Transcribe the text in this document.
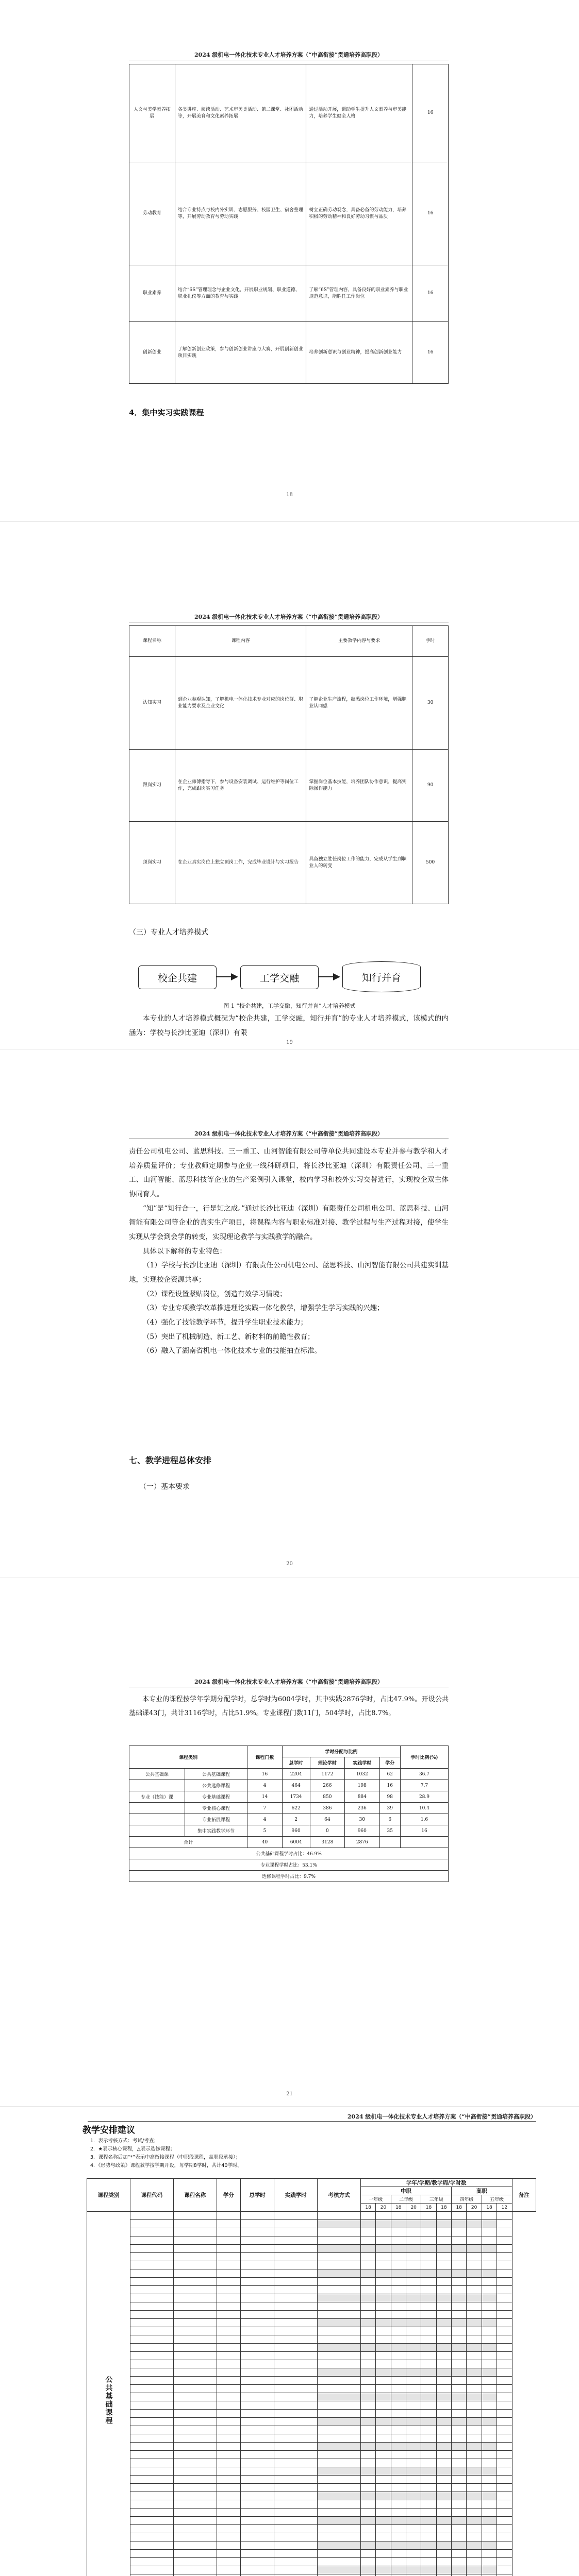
2024 级机电一体化技术专业人才培养方案（“中高衔接”贯通培养高职段）
人文与美学素养拓展	各类讲座、阅读活动、艺术审美类活动、第二课堂、社团活动等，开展美育和文化素养拓展	通过活动开展，帮助学生提升人文素养与审美能力，培养学生健全人格	16
劳动教育	结合专业特点与校内外实训、志愿服务、校园卫生、宿舍整理等，开展劳动教育与劳动实践	树立正确劳动观念，具备必备的劳动能力，培养积极的劳动精神和良好劳动习惯与品质	16
职业素养	结合“6S”管理理念与企业文化，开展职业规划、职业道德、职业礼仪等方面的教育与实践	了解“6S”管理内容，具备良好的职业素养与职业规范意识，能胜任工作岗位	16
创新创业	了解创新创业政策，参与创新创业讲座与大赛，开展创新创业项目实践	培养创新意识与创业精神，提高创新创业能力	16
4．集中实习实践课程
18
2024 级机电一体化技术专业人才培养方案（“中高衔接”贯通培养高职段）
课程名称	课程内容	主要教学内容与要求	学时
认知实习	到企业参观认知，了解机电一体化技术专业对应的岗位群、职业能力要求及企业文化	了解企业生产流程，熟悉岗位工作环境，增强职业认同感	30
跟岗实习	在企业师傅指导下，参与设备安装调试、运行维护等岗位工作，完成跟岗实习任务	掌握岗位基本技能，培养团队协作意识，提高实际操作能力	90
顶岗实习	在企业真实岗位上独立顶岗工作，完成毕业设计与实习报告	具备独立胜任岗位工作的能力，完成从学生到职业人的转变	500
（三）专业人才培养模式
校企共建	工学交融	知行并育
图 1 “校企共建，工学交融，知行并育”人才培养模式

本专业的人才培养模式概况为“校企共建，工学交融，知行并育”的专业人才培养模式，该模式的内涵为：学校与长沙比亚迪（深圳）有限

19
2024 级机电一体化技术专业人才培养方案（“中高衔接”贯通培养高职段）

责任公司机电公司、蓝思科技、三一重工、山河智能有限公司等单位共同建设本专业并参与教学和人才培养质量评价；专业教师定期参与企业一线科研项目，将长沙比亚迪（深圳）有限责任公司、三一重工、山河智能、蓝思科技等企业的生产案例引入课堂，校内学习和校外实习交替进行，实现校企双主体协同育人。

“知”是“知行合一，行是知之成。”通过长沙比亚迪（深圳）有限责任公司机电公司、蓝思科技、山河智能有限公司等企业的真实生产项目，将课程内容与职业标准对接、教学过程与生产过程对接，使学生实现从学会到会学的转变，实现理论教学与实践教学的融合。

具体以下解释的专业特色：

（1）学校与长沙比亚迪（深圳）有限责任公司机电公司、蓝思科技、山河智能有限公司共建实训基地，实现校企资源共享；

（2）课程设置紧贴岗位，创造有效学习情境；

（3）专业专项教学改革推进理论实践一体化教学，增强学生学习实践的兴趣；

（4）强化了技能教学环节，提升学生职业技术能力；

（5）突出了机械制造、新工艺、新材料的前瞻性教育；

（6）融入了湖南省机电一体化技术专业的技能抽查标准。

七、教学进程总体安排
（一）基本要求
20
2024 级机电一体化技术专业人才培养方案（“中高衔接”贯通培养高职段）

本专业的课程按学年学期分配学时，总学时为6004学时，其中实践2876学时，占比47.9%。开设公共基础课43门，共计3116学时，占比51.9%。专业课程门数11门，504学时，占比8.7%。

课程类别		课程门数	学时分配与比例				学时比例(%)
			总学时	理论学时	实践学时	学分	
公共基础课	公共基础课程	16	2204	1172	1032	62	36.7
	公共选修课程	4	464	266	198	16	7.7
专业（技能）课	专业基础课程	14	1734	850	884	98	28.9
	专业核心课程	7	622	386	236	39	10.4
	专业拓展课程	4	2	64	30	6	1.6
	集中实践教学环节	5	960	0	960	35	16
合计		40	6004	3128	2876		
公共基础课程学时占比：46.9%							
专业课程学时占比：53.1%							
选修课程学时占比：9.7%							
21
2024 级机电一体化技术专业人才培养方案（“中高衔接”贯通培养高职段）
教学安排建议
1．表示考核方式：考试/考查；
2．★表示核心课程，△表示选修课程；
3．课程名称后加“*”表示中高衔接课程（中职段课程，高职段承接）；
4．《形势与政策》课程教学按学期开设，每学期8学时，共计40学时。
课程类别	课程代码	课程名称	学分	总学时	实践学时	考核方式	学年/学期/教学周/学时数										备注
							中职						高职				
							一年级		二年级		三年级		四年级		五年级		
							18	20	18	20	18	18	18	20	18	12	
公共基础课程																	
